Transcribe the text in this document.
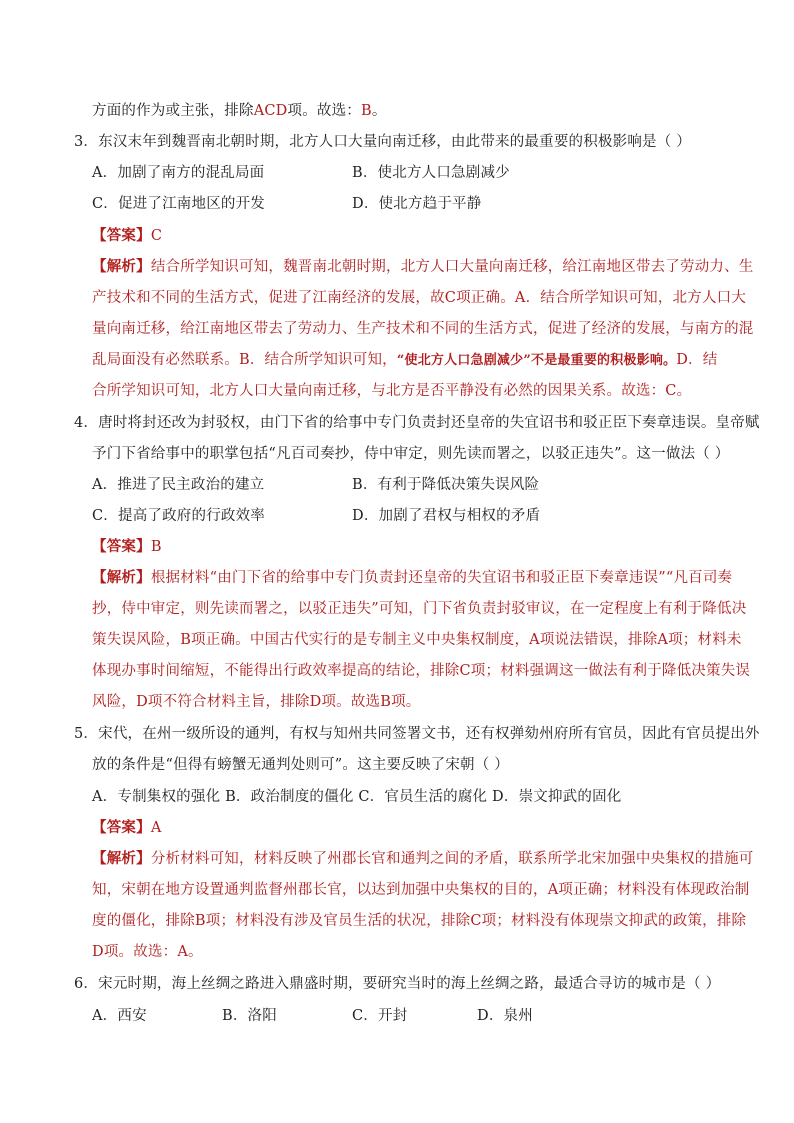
方面的作为或主张，排除ACD项。故选：B。
3．东汉末年到魏晋南北朝时期，北方人口大量向南迁移，由此带来的最重要的积极影响是（ ）
A．加剧了南方的混乱局面	B．使北方人口急剧减少
C．促进了江南地区的开发	D．使北方趋于平静
【答案】C
【解析】结合所学知识可知，魏晋南北朝时期，北方人口大量向南迁移，给江南地区带去了劳动力、生
产技术和不同的生活方式，促进了江南经济的发展，故C项正确。A．结合所学知识可知，北方人口大
量向南迁移，给江南地区带去了劳动力、生产技术和不同的生活方式，促进了经济的发展，与南方的混
乱局面没有必然联系。B．结合所学知识可知，“使北方人口急剧减少”不是最重要的积极影响。D．结
合所学知识可知，北方人口大量向南迁移，与北方是否平静没有必然的因果关系。故选：C。
4．唐时将封还改为封驳权，由门下省的给事中专门负责封还皇帝的失宜诏书和驳正臣下奏章违误。皇帝赋
予门下省给事中的职掌包括“凡百司奏抄，侍中审定，则先读而署之，以驳正违失”。这一做法（ ）
A．推进了民主政治的建立	B．有利于降低决策失误风险
C．提高了政府的行政效率	D．加剧了君权与相权的矛盾
【答案】B
【解析】根据材料“由门下省的给事中专门负责封还皇帝的失宜诏书和驳正臣下奏章违误”“凡百司奏
抄，侍中审定，则先读而署之，以驳正违失”可知，门下省负责封驳审议，在一定程度上有利于降低决
策失误风险，B项正确。中国古代实行的是专制主义中央集权制度，A项说法错误，排除A项；材料未
体现办事时间缩短，不能得出行政效率提高的结论，排除C项；材料强调这一做法有利于降低决策失误
风险，D项不符合材料主旨，排除D项。故选B项。
5．宋代，在州一级所设的通判，有权与知州共同签署文书，还有权弹劾州府所有官员，因此有官员提出外
放的条件是“但得有螃蟹无通判处则可”。这主要反映了宋朝（ ）
A．专制集权的强化 B．政治制度的僵化 C．官员生活的腐化 D．崇文抑武的固化
【答案】A
【解析】分析材料可知，材料反映了州郡长官和通判之间的矛盾，联系所学北宋加强中央集权的措施可
知，宋朝在地方设置通判监督州郡长官，以达到加强中央集权的目的，A项正确；材料没有体现政治制
度的僵化，排除B项；材料没有涉及官员生活的状况，排除C项；材料没有体现崇文抑武的政策，排除
D项。故选：A。
6．宋元时期，海上丝绸之路进入鼎盛时期，要研究当时的海上丝绸之路，最适合寻访的城市是（ ）
A．西安	B．洛阳	C．开封	D．泉州
